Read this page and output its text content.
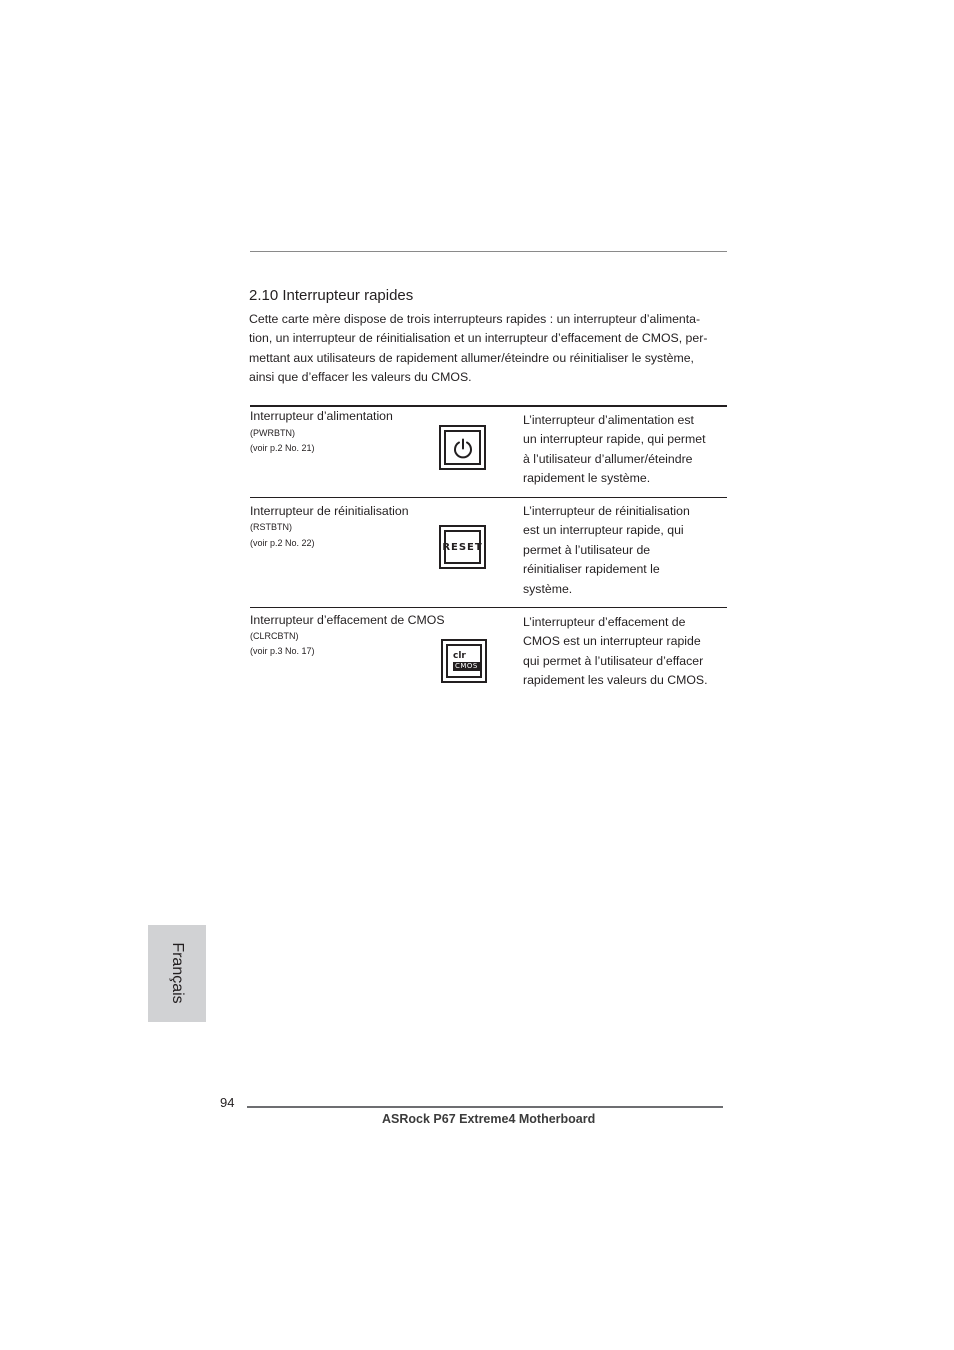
2.10 Interrupteur rapides
Cette carte mère dispose de trois interrupteurs rapides : un interrupteur d’alimenta-
tion, un interrupteur de réinitialisation et un interrupteur d’effacement de CMOS, per-
mettant aux utilisateurs de rapidement allumer/éteindre ou réinitialiser le système,
ainsi que d’effacer les valeurs du CMOS.
Interrupteur d’alimentation
(PWRBTN)
(voir p.2 No. 21)
L’interrupteur d’alimentation est
un interrupteur rapide, qui permet
à l’utilisateur d’allumer/éteindre
rapidement le système.
Interrupteur de réinitialisation
(RSTBTN)
(voir p.2 No. 22)	RESET
L’interrupteur de réinitialisation
est un interrupteur rapide, qui
permet à l’utilisateur de
réinitialiser rapidement le
système.
Interrupteur d’effacement de CMOS
(CLRCBTN)
(voir p.3 No. 17)	clr
CMOS
L’interrupteur d’effacement de
CMOS est un interrupteur rapide
qui permet à l’utilisateur d’effacer
rapidement les valeurs du CMOS.
Français
94
ASRock P67 Extreme4 Motherboard
